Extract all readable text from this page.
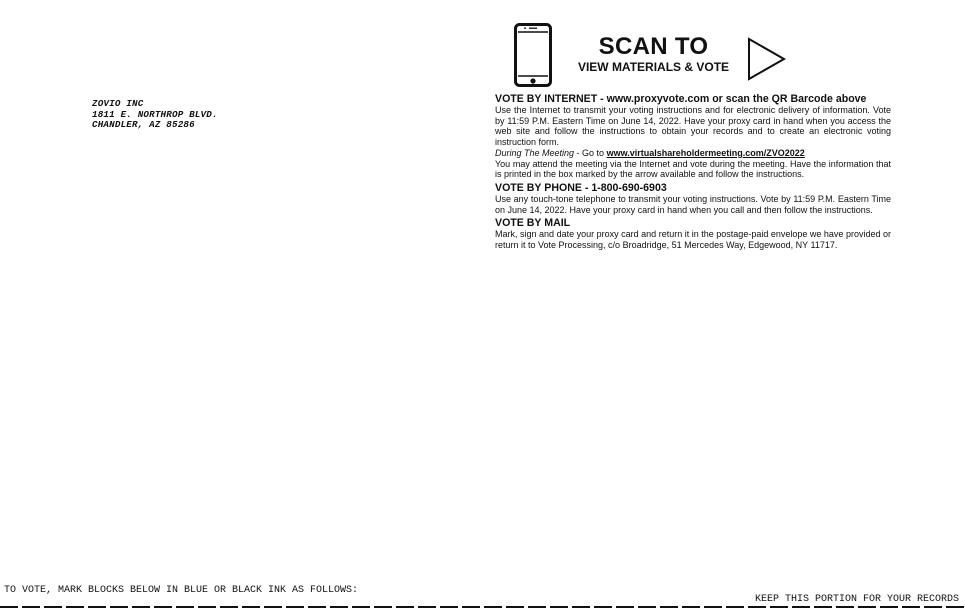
ZOVIO INC
1811 E. NORTHROP BLVD.
CHANDLER, AZ 85286
SCAN TO
VIEW MATERIALS & VOTE
VOTE BY INTERNET - www.proxyvote.com or scan the QR Barcode above

Use the Internet to transmit your voting instructions and for electronic delivery of information. Vote by 11:59 P.M. Eastern Time on June 14, 2022. Have your proxy card in hand when you access the web site and follow the instructions to obtain your records and to create an electronic voting instruction form.

During The Meeting - Go to www.virtualshareholdermeeting.com/ZVO2022

You may attend the meeting via the Internet and vote during the meeting. Have the information that is printed in the box marked by the arrow available and follow the instructions.

VOTE BY PHONE - 1-800-690-6903

Use any touch-tone telephone to transmit your voting instructions. Vote by 11:59 P.M. Eastern Time on June 14, 2022. Have your proxy card in hand when you call and then follow the instructions.

VOTE BY MAIL

Mark, sign and date your proxy card and return it in the postage-paid envelope we have provided or return it to Vote Processing, c/o Broadridge, 51 Mercedes Way, Edgewood, NY 11717.

TO VOTE, MARK BLOCKS BELOW IN BLUE OR BLACK INK AS FOLLOWS:
KEEP THIS PORTION FOR YOUR RECORDS
